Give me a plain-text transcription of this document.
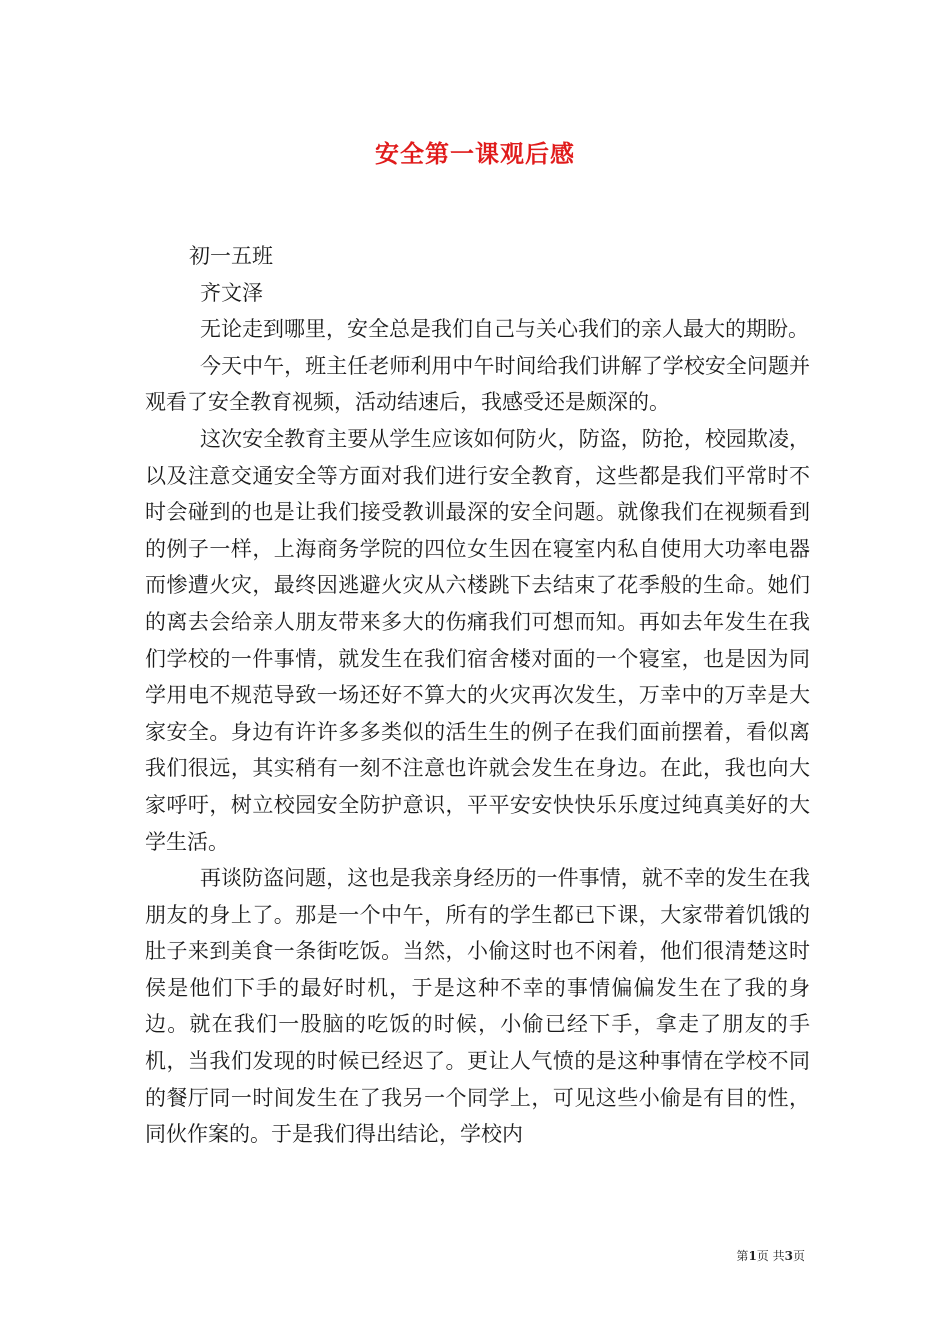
安全第一课观后感
初一五班
齐文泽

无论走到哪里，安全总是我们自己与关心我们的亲人最大的期盼。

今天中午，班主任老师利用中午时间给我们讲解了学校安全问题并观看了安全教育视频，活动结速后，我感受还是颇深的。

这次安全教育主要从学生应该如何防火，防盗，防抢，校园欺凌，以及注意交通安全等方面对我们进行安全教育，这些都是我们平常时不时会碰到的也是让我们接受教训最深的安全问题。就像我们在视频看到的例子一样，上海商务学院的四位女生因在寝室内私自使用大功率电器而惨遭火灾，最终因逃避火灾从六楼跳下去结束了花季般的生命。她们的离去会给亲人朋友带来多大的伤痛我们可想而知。再如去年发生在我们学校的一件事情，就发生在我们宿舍楼对面的一个寝室，也是因为同学用电不规范导致一场还好不算大的火灾再次发生，万幸中的万幸是大家安全。身边有许许多多类似的活生生的例子在我们面前摆着，看似离我们很远，其实稍有一刻不注意也许就会发生在身边。在此，我也向大家呼吁，树立校园安全防护意识，平平安安快快乐乐度过纯真美好的大学生活。

再谈防盗问题，这也是我亲身经历的一件事情，就不幸的发生在我朋友的身上了。那是一个中午，所有的学生都已下课，大家带着饥饿的肚子来到美食一条街吃饭。当然，小偷这时也不闲着，他们很清楚这时侯是他们下手的最好时机，于是这种不幸的事情偏偏发生在了我的身边。就在我们一股脑的吃饭的时候，小偷已经下手，拿走了朋友的手机，当我们发现的时候已经迟了。更让人气愤的是这种事情在学校不同的餐厅同一时间发生在了我另一个同学上，可见这些小偷是有目的性，同伙作案的。于是我们得出结论，学校内

第1页 共3页
